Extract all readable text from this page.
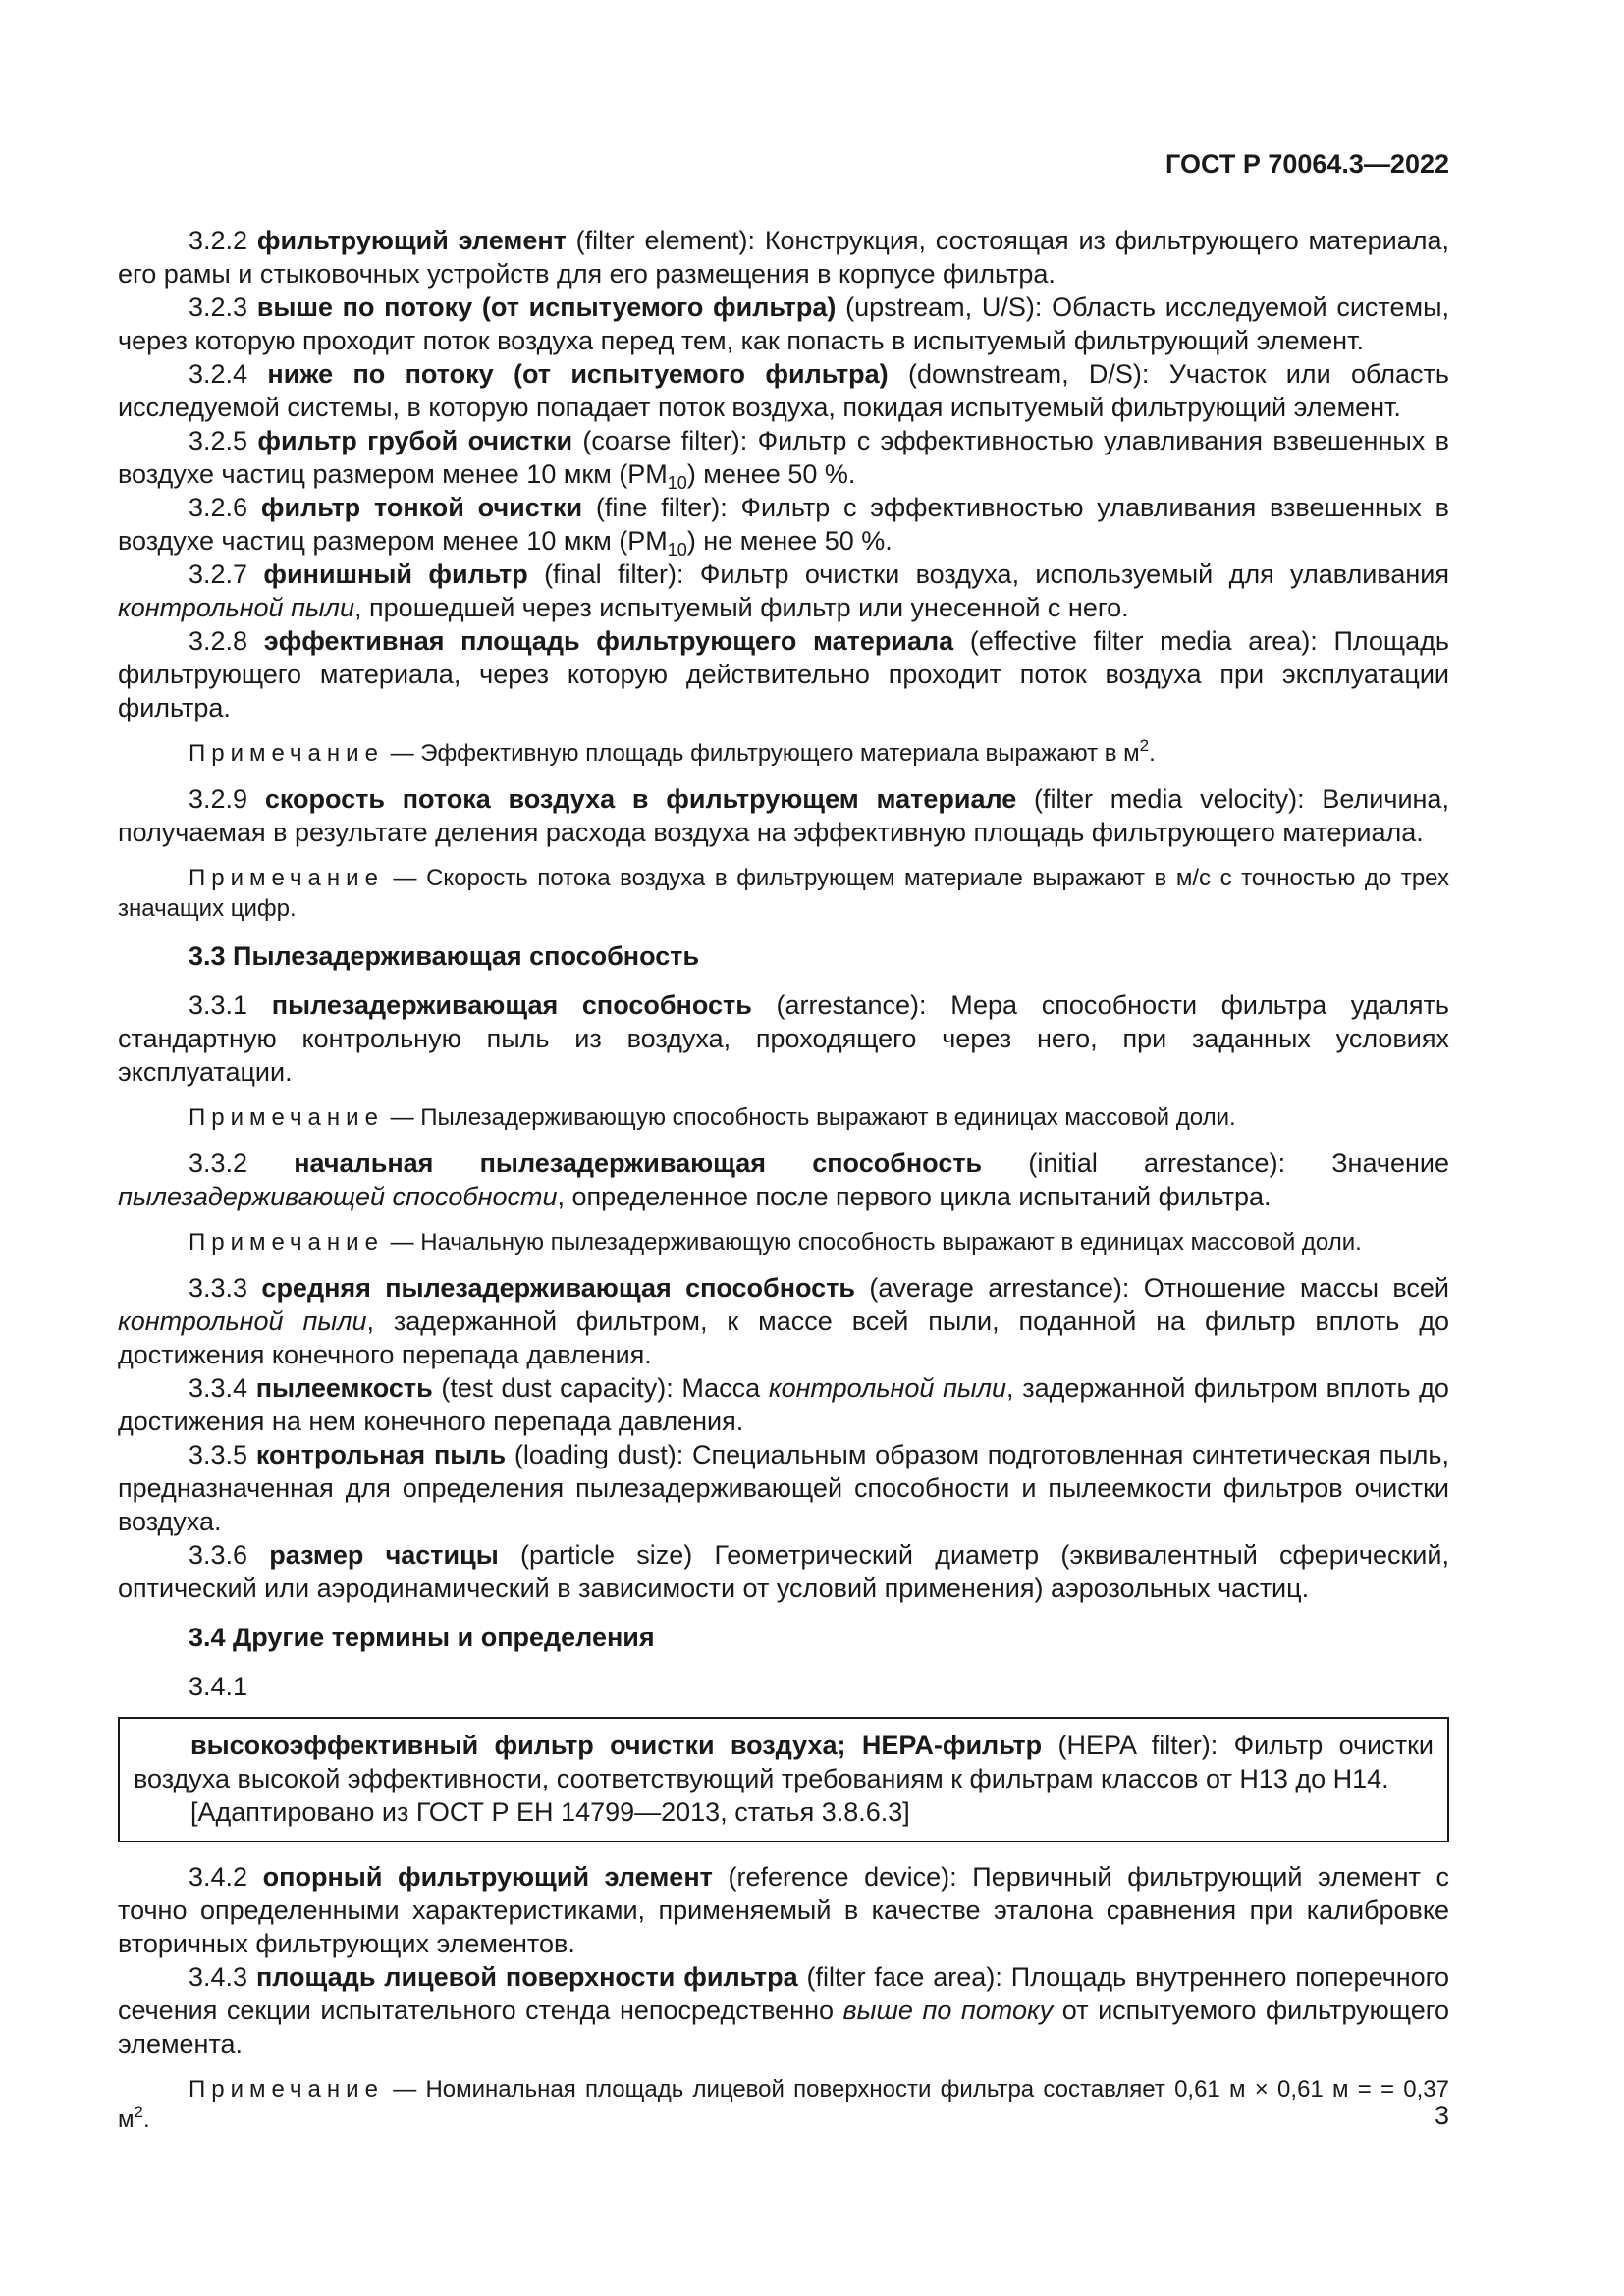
ГОСТ Р 70064.3—2022

3.2.2 фильтрующий элемент (filter element): Конструкция, состоящая из фильтрующего материала, его рамы и стыковочных устройств для его размещения в корпусе фильтра.

3.2.3 выше по потоку (от испытуемого фильтра) (upstream, U/S): Область исследуемой системы, через которую проходит поток воздуха перед тем, как попасть в испытуемый фильтрующий элемент.

3.2.4 ниже по потоку (от испытуемого фильтра) (downstream, D/S): Участок или область исследуемой системы, в которую попадает поток воздуха, покидая испытуемый фильтрующий элемент.

3.2.5 фильтр грубой очистки (coarse filter): Фильтр с эффективностью улавливания взвешенных в воздухе частиц размером менее 10 мкм $(PM_{10})$ менее 50 %.

3.2.6 фильтр тонкой очистки (fine filter): Фильтр с эффективностью улавливания взвешенных в воздухе частиц размером менее 10 мкм $(PM_{10})$ не менее 50 %.

3.2.7 финишный фильтр (final filter): Фильтр очистки воздуха, используемый для улавливания контрольной пыли, прошедшей через испытуемый фильтр или унесенной с него.

3.2.8 эффективная площадь фильтрующего материала (effective filter media area): Площадь фильтрующего материала, через которую действительно проходит поток воздуха при эксплуатации фильтра.

Примечание — Эффективную площадь фильтрующего материала выражают в $м^2$.

3.2.9 скорость потока воздуха в фильтрующем материале (filter media velocity): Величина, получаемая в результате деления расхода воздуха на эффективную площадь фильтрующего материала.

Примечание — Скорость потока воздуха в фильтрующем материале выражают в м/с с точностью до трех значащих цифр.

3.3 Пылезадерживающая способность

3.3.1 пылезадерживающая способность (arrestance): Мера способности фильтра удалять стандартную контрольную пыль из воздуха, проходящего через него, при заданных условиях эксплуатации.

Примечание — Пылезадерживающую способность выражают в единицах массовой доли.

3.3.2 начальная пылезадерживающая способность (initial arrestance): Значение пылезадерживающей способности, определенное после первого цикла испытаний фильтра.

Примечание — Начальную пылезадерживающую способность выражают в единицах массовой доли.

3.3.3 средняя пылезадерживающая способность (average arrestance): Отношение массы всей контрольной пыли, задержанной фильтром, к массе всей пыли, поданной на фильтр вплоть до достижения конечного перепада давления.

3.3.4 пылеемкость (test dust capacity): Масса контрольной пыли, задержанной фильтром вплоть до достижения на нем конечного перепада давления.

3.3.5 контрольная пыль (loading dust): Специальным образом подготовленная синтетическая пыль, предназначенная для определения пылезадерживающей способности и пылеемкости фильтров очистки воздуха.

3.3.6 размер частицы (particle size) Геометрический диаметр (эквивалентный сферический, оптический или аэродинамический в зависимости от условий применения) аэрозольных частиц.

3.4 Другие термины и определения

3.4.1

высокоэффективный фильтр очистки воздуха; HEPA-фильтр (HEPA filter): Фильтр очистки воздуха высокой эффективности, соответствующий требованиям к фильтрам классов от H13 до H14.

[Адаптировано из ГОСТ Р ЕН 14799—2013, статья 3.8.6.3]

3.4.2 опорный фильтрующий элемент (reference device): Первичный фильтрующий элемент с точно определенными характеристиками, применяемый в качестве эталона сравнения при калибровке вторичных фильтрующих элементов.

3.4.3 площадь лицевой поверхности фильтра (filter face area): Площадь внутреннего поперечного сечения секции испытательного стенда непосредственно выше по потоку от испытуемого фильтрующего элемента.

Примечание — Номинальная площадь лицевой поверхности фильтра составляет 0,61 м × 0,61 м = = 0,37 $м^2$.	3
